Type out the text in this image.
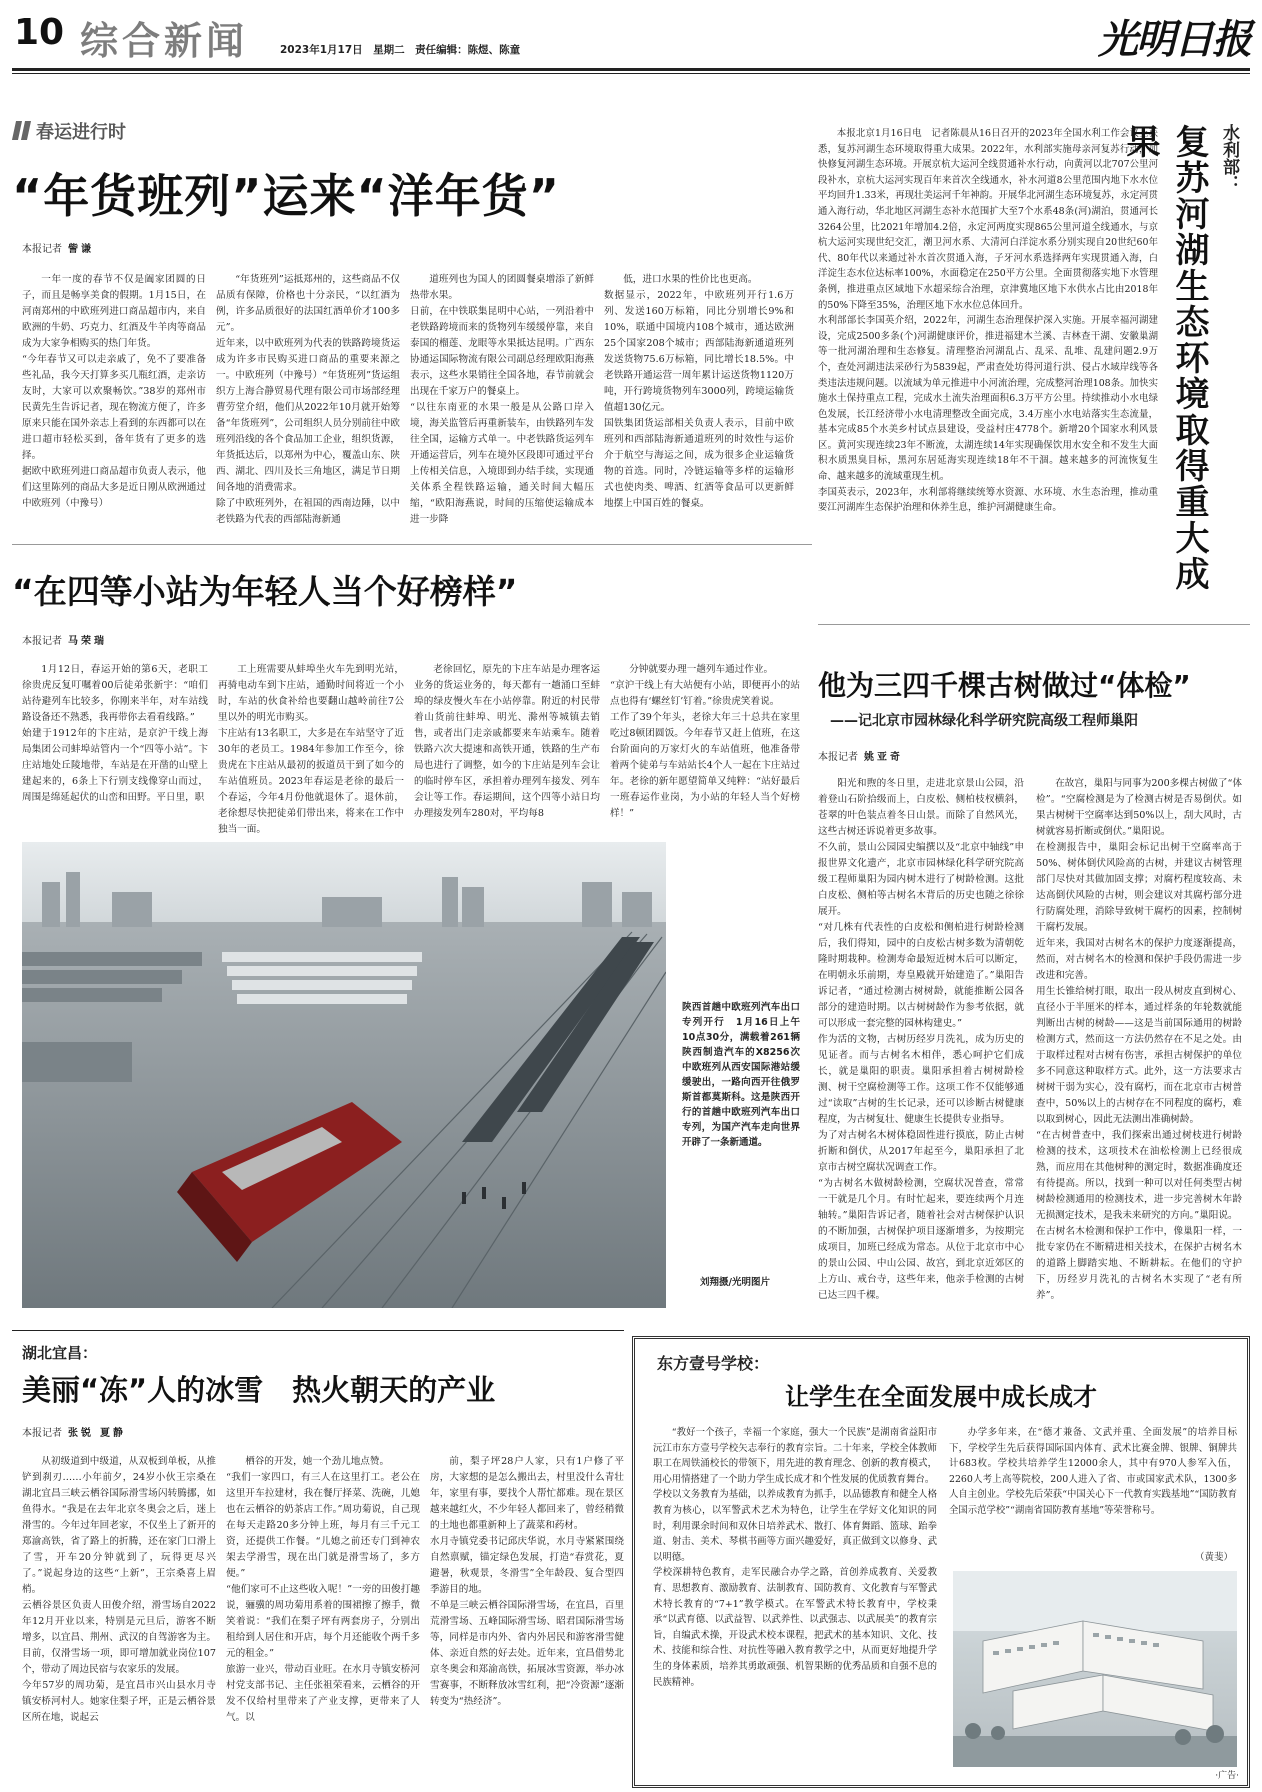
10 综合新闻	2023年1月17日　星期二　责任编辑：陈煜、陈童	光明日报
春运进行时
“年货班列”运来“洋年货”
本报记者 訾谦
一年一度的春节不仅是阖家团圆的日子，而且是畅享美食的假期。1月15日，在河南郑州的中欧班列进口商品超市内，来自欧洲的牛奶、巧克力、红酒及牛羊肉等商品成为大家争相购买的热门年货。
“今年春节又可以走亲戚了，免不了要准备些礼品，我今天打算多买几瓶红酒，走亲访友时，大家可以欢聚畅饮。”38岁的郑州市民黄先生告诉记者，现在物流方便了，许多原来只能在国外亲志上看到的东西都可以在进口超市轻松买到，备年货有了更多的选择。
据欧中欧班列进口商品超市负责人表示，他们这里陈列的商品大多是近日刚从欧洲通过中欧班列（中豫号）
“年货班列”运抵郑州的，这些商品不仅品质有保障，价格也十分亲民，“以红酒为例，许多品质很好的法国红酒单价才100多元”。
近年来，以中欧班列为代表的铁路跨境货运成为许多市民购买进口商品的重要来源之一。中欧班列（中豫号）“年货班列”货运组织方上海合静贸易代理有限公司市场部经理曹劳堂介绍，他们从2022年10月就开始筹备“年货班列”，公司组织人员分别前往中欧班列沿线的各个食品加工企业，组织货源，年货抵达后，以郑州为中心，覆盖山东、陕西、湖北、四川及长三角地区，满足节日期间各地的消费需求。
除了中欧班列外，在祖国的西南边陲，以中老铁路为代表的西部陆海新通
道班列也为国人的团圆餐桌增添了新鲜热带水果。
日前，在中铁联集昆明中心站，一列沿着中老铁路跨境而来的货物列车缓缓停靠，来自泰国的榴莲、龙眼等水果抵达昆明。广西东协通运国际物流有限公司副总经理欧阳海燕表示，这些水果销往全国各地，春节前就会出现在千家万户的餐桌上。
“以往东南亚的水果一般是从公路口岸入境，海关监管后再重新装车，由铁路列车发往全国，运输方式单一。中老铁路货运列车开通运营后，列车在境外区段即可通过平台上传相关信息，入境即到办结手续，实现通关体系全程铁路运输，通关时间大幅压缩，“欧阳海燕说，时间的压缩使运输成本进一步降
低，进口水果的性价比也更高。
数据显示，2022年，中欧班列开行1.6万列、发送160万标箱，同比分别增长9%和10%，联通中国境内108个城市，通达欧洲25个国家208个城市；西部陆海新通道班列发送货物75.6万标箱，同比增长18.5%。中老铁路开通运营一周年累计运送货物1120万吨，开行跨境货物列车3000列，跨境运输货值超130亿元。
国铁集团货运部相关负责人表示，目前中欧班列和西部陆海新通道班列的时效性与运价介于航空与海运之间，成为很多企业运输货物的首选。同时，冷链运输等多样的运输形式也使肉类、啤酒、红酒等食品可以更新鲜地摆上中国百姓的餐桌。
“在四等小站为年轻人当个好榜样”
本报记者 马荣瑞
1月12日，春运开始的第6天，老职工徐贵虎反复叮嘱着00后徒弟张新宇：“咱们站待避列车比较多，你刚来半年，对车站线路设备还不熟悉，我再带你去看看线路。”
始建于1912年的卞庄站，是京沪干线上海局集团公司蚌埠站管内一个“四等小站”。卞庄站地处丘陵地带，车站是在开凿的山壁上建起来的，6条上下行别支线像穿山而过，周围是绵延起伏的山峦和田野。平日里，职
工上班需要从蚌埠坐火车先到明光站，再骑电动车到卞庄站，通勤时间将近一个小时，车站的伙食补给也要翻山越岭前往7公里以外的明光市购买。
卞庄站有13名职工，大多是在车站坚守了近30年的老员工。1984年参加工作至今，徐贵虎在卞庄站从最初的扳道员干到了如今的车站值班员。2023年春运是老徐的最后一个春运，今年4月份他就退休了。退休前，老徐想尽快把徒弟们带出来，将来在工作中独当一面。
老徐回忆，原先的卞庄车站是办理客运业务的货运业务的，每天都有一趟涌口至蚌埠的绿皮慢火车在小站停靠。附近的村民带着山货前往蚌埠、明光、滁州等城镇去销售，或者出门走亲戚都要来车站乘车。随着铁路六次大提速和高铁开通，铁路的生产布局也进行了调整，如今的卞庄站是列车会让的临时停车区，承担着办理列车接发、列车会让等工作。春运期间，这个四等小站日均办理接发列车280对，平均每8
分钟就要办理一趟列车通过作业。
“京沪干线上有大站便有小站，即便再小的站点也得有‘螺丝钉’钉着。”徐贵虎笑着说。
工作了39个年头，老徐大年三十总共在家里吃过8顿团圆饭。今年春节又赶上值班，在这台阶面向的万家灯火的车站值班，他准备带着两个徒弟与车站站长4个人一起在卞庄站过年。老徐的新年愿望简单又纯粹：“站好最后一班春运作业岗，为小站的年轻人当个好榜样！”
陕西首趟中欧班列汽车出口专列开行　1月16日上午10点30分，满载着261辆陕西制造汽车的X8256次中欧班列从西安国际港站缓缓驶出，一路向西开往俄罗斯首都莫斯科。这是陕西开行的首趟中欧班列汽车出口专列，为国产汽车走向世界开辟了一条新通道。
刘翔摄/光明图片
本报北京1月16日电　记者陈晨从16日召开的2023年全国水利工作会议上获悉，复苏河湖生态环境取得重大成果。2022年，水利部实施母亲河复苏行动，加快修复河湖生态环境。开展京杭大运河全线贯通补水行动，向黄河以北707公里河段补水，京杭大运河实现百年来首次全线通水，补水河道8公里范围内地下水水位平均回升1.33米，再现壮美运河千年神韵。开展华北河湖生态环境复苏，永定河贯通入海行动，华北地区河湖生态补水范围扩大至7个水系48条(河)湖泊，贯通河长3264公里，比2021年增加4.2倍，永定河两度实现865公里河道全线通水，与京杭大运河实现世纪交汇，潮卫河水系、大清河白洋淀水系分别实现自20世纪60年代、80年代以来通过补水首次贯通入海，子牙河水系选择两年实现贯通入海，白洋淀生态水位达标率100%，水面稳定在250平方公里。全面贯彻落实地下水管理条例，推进重点区域地下水超采综合治理，京津冀地区地下水供水占比由2018年的50%下降至35%，治理区地下水水位总体回升。
水利部部长李国英介绍，2022年，河湖生态治理保护深入实施。开展幸福河湖建设，完成2500多条(个)河湖健康评价，推进福建木兰溪、吉林查干湖、安徽巢湖等一批河湖治理和生态修复。清理整治河湖乱占、乱采、乱堆、乱建问题2.9万个，查处河湖违法采砂行为5839起，严肃查处坊得河道行洪、侵占水域岸线等各类违法违规问题。以流域为单元推进中小河流治理，完成整河治理108条。加快实施水土保持重点工程，完成水土流失治理面积6.3万平方公里。持续推动小水电绿色发展，长江经济带小水电清理整改全面完成，3.4万座小水电站落实生态流量，基本完成85个水美乡村试点县建设，受益村庄4778个。新增20个国家水利风景区。黄河实现连续23年不断流，太湖连续14年实现确保饮用水安全和不发生大面积水质黑臭目标，黑河东居延海实现连续18年不干涸。越来越多的河流恢复生命、越来越多的流域重现生机。
李国英表示，2023年，水利部将继续统筹水资源、水环境、水生态治理，推动重要江河湖库生态保护治理和休养生息，维护河湖健康生命。
水利部：
复苏河湖生态环境取得重大成果
他为三四千棵古树做过“体检”
——记北京市园林绿化科学研究院高级工程师巢阳
本报记者 姚亚奇
阳光和煦的冬日里，走进北京景山公园，沿着登山石阶拾级而上，白皮松、侧柏枝杈横斜，苍翠的叶色装点着冬日山景。而除了自然风光，这些古树还诉说着更多故事。
不久前，景山公园园史编撰以及“北京中轴线”申报世界文化遗产，北京市园林绿化科学研究院高级工程师巢阳为园内树木进行了树龄检测。这批白皮松、侧柏等古树名木背后的历史也随之徐徐展开。
“对几株有代表性的白皮松和侧柏进行树龄检测后，我们得知，园中的白皮松古树多数为清朝乾隆时期栽种。检测寿命最短近树木后可以断定，在明朝永乐前期，寿皇殿就开始建造了。”巢阳告诉记者，“通过检测古树树龄，就能推断公园各部分的建造时期。以古树树龄作为参考依据，就可以形成一套完整的园林构建史。”
作为活的文物，古树历经岁月洗礼，成为历史的见证者。而与古树名木相伴，悉心呵护它们成长，就是巢阳的职责。巢阳承担着古树树龄检测、树干空腐检测等工作。这项工作不仅能够通过“读取”古树的生长记录，还可以诊断古树健康程度，为古树复壮、健康生长提供专业指导。
为了对古树名木树体稳固性进行摸底，防止古树折断和倒伏，从2017年起至今，巢阳承担了北京市古树空腐状况调查工作。
“为古树名木做树龄检测，空腐状况普查，常常一干就是几个月。有时忙起来，要连续两个月连轴转。”巢阳告诉记者，随着社会对古树保护认识的不断加强，古树保护项目逐渐增多，为按期完成项目，加班已经成为常态。从位于北京市中心的景山公园、中山公园、故宫，到北京近郊区的上方山、戒台寺，这些年来，他亲手检测的古树已达三四千棵。
在故宫，巢阳与同事为200多棵古树做了“体检”。“空腐检测是为了检测古树是否易倒伏。如果古树树干空腐率达到50%以上，刮大风时，古树就容易折断或倒伏。”巢阳说。
在检测报告中，巢阳会标记出树干空腐率高于50%、树体倒伏风险高的古树，并建议古树管理部门尽快对其做加固支撑；对腐朽程度较高、未达高倒伏风险的古树，则会建议对其腐朽部分进行防腐处理，消除导致树干腐朽的因素，控制树干腐朽发展。
近年来，我国对古树名木的保护力度逐渐提高，然而，对古树名木的检测和保护手段仍需进一步改进和完善。
用生长锥给树打眼，取出一段从树皮直到树心、直径小于半厘米的样本，通过样条的年轮数就能判断出古树的树龄——这是当前国际通用的树龄检测方式，然而这一方法仍然存在不足之处。由于取样过程对古树有伤害，承担古树保护的单位多不同意这种取样方式。此外，这一方法要求古树树干弱为实心，没有腐朽，而在北京市古树普查中，50%以上的古树存在不同程度的腐朽，难以取到树心，因此无法测出准确树龄。
“在古树普查中，我们探索出通过树枝进行树龄检测的技术，这项技术在油松检测上已经很成熟，而应用在其他树种的测定时，数据准确度还有待提高。所以，找到一种可以对任何类型古树树龄检测通用的检测技术，进一步完善树木年龄无损测定技术，是我未来研究的方向。”巢阳说。
在古树名木检测和保护工作中，像巢阳一样，一批专家仍在不断精进相关技术，在保护古树名木的道路上脚踏实地、不断耕耘。在他们的守护下，历经岁月洗礼的古树名木实现了“老有所养”。
湖北宜昌：
美丽“冻”人的冰雪　热火朝天的产业
本报记者 张锐 夏静
从初级道到中级道，从双板到单板，从推铲到刹刃……小年前夕，24岁小伙王宗桑在湖北宜昌三峡云栖谷国际滑雪场闪转腾挪，如鱼得水。“我是在去年北京冬奥会之后，迷上滑雪的。今年过年回老家，不仅坐上了新开的郑渝高铁，省了路上的折腾，还在家门口滑上了雪，开车20分钟就到了，玩得更尽兴了。”说起身边的这些“上新”，王宗桑喜上眉梢。
云栖谷景区负责人田俊介绍，滑雪场自2022年12月开业以来，特别是元旦后，游客不断增多，以宜昌、荆州、武汉的自驾游客为主。目前，仅滑雪场一项，即可增加就业岗位107个，带动了周边民宿与农家乐的发展。
今年57岁的周功菊，是宜昌市兴山县水月寺镇安桥河村人。她家住梨子坪，正是云栖谷景区所在地，说起云
栖谷的开发，她一个劲儿地点赞。
“我们一家四口，有三人在这里打工。老公在这里开车拉建材，我在餐厅择菜、洗碗，儿媳也在云栖谷的奶茶店工作。”周功菊说，自己现在每天走路20多分钟上班，每月有三千元工资，还提供工作餐。“儿媳之前还专门到神农架去学滑雪，现在出门就是滑雪场了，多方便。”
“他们家可不止这些收入呢！”一旁的田俊打趣说，骊骥的周功菊用系着的围裙擦了擦手，微笑着说：“我们在梨子坪有两套房子，分别出租给到人居住和开店，每个月还能收个两千多元的租金。”
旅游一业兴，带动百业旺。在水月寺镇安桥河村党支部书记、主任张祖荣看来，云栖谷的开发不仅给村里带来了产业支撑，更带来了人气。以
前，梨子坪28户人家，只有1户修了平房，大家想的是怎么搬出去，村里没什么青壮年，家里有事，要找个人帮忙都难。现在景区越来越红火，不少年轻人都回来了，曾经稍微的土地也都重新种上了蔬菜和药材。
水月寺镇党委书记邱庆华说，水月寺紧紧围绕自然禀赋，锚定绿色发展，打造“春赏花，夏避暑，秋观景，冬滑雪”全年龄段、复合型四季游目的地。
不单是三峡云栖谷国际滑雪场，在宜昌，百里荒滑雪场、五峰国际滑雪场、昭君国际滑雪场等，同样是市内外、省内外居民和游客滑雪健体、亲近自然的好去处。近年来，宜昌借势北京冬奥会和郑渝高铁，拓展冰雪资源，举办冰雪赛事，不断释放冰雪红利，把“冷资源”逐渐转变为“热经济”。
东方壹号学校：
让学生在全面发展中成长成才
“教好一个孩子，幸福一个家庭，强大一个民族”是湖南省益阳市沅江市东方壹号学校矢志奉行的教育宗旨。二十年来，学校全体教师职工在周铁涌校长的带领下，用先进的教育理念、创新的教育模式，用心用情搭建了一个助力学生成长成才和个性发展的优质教育舞台。
学校以文务教育为基础，以养成教育为抓手，以品德教育和健全人格教育为核心，以军警武术艺术为特色，让学生在学好文化知识的同时，利用课余时间和双休日培养武术、散打、体育舞蹈、篮球、跆拳道、射击、美术、琴棋书画等方面兴趣爱好，真正做到文以修身、武以明德。
学校深耕特色教育，走军民融合办学之路，首创养成教育、关爱教育、思想教育、激励教育、法制教育、国防教育、文化教育与军警武术特长教育的“7+1”教学模式。在军警武术特长教育中，学校秉承“以武育德、以武益智、以武养性、以武强志、以武展美”的教育宗旨，自编武术操，开设武术校本课程，把武术的基本知识、文化、技术、技能和综合性、对抗性等融入教育教学之中，从而更好地提升学生的身体素质，培养其勇敢顽强、机智果断的优秀品质和自强不息的民族精神。
办学多年来，在“德才兼备、文武并重、全面发展”的培养目标下，学校学生先后获得国际国内体育、武术比赛金牌、银牌、铜牌共计683枚。学校共培养学生12000余人，其中有970人参军入伍，2260人考上高等院校，200人进入了省、市或国家武术队，1300多人自主创业。学校先后荣获“中国关心下一代教育实践基地”“国防教育全国示范学校”“湖南省国防教育基地”等荣誉称号。
（黄斐）
·广告·
